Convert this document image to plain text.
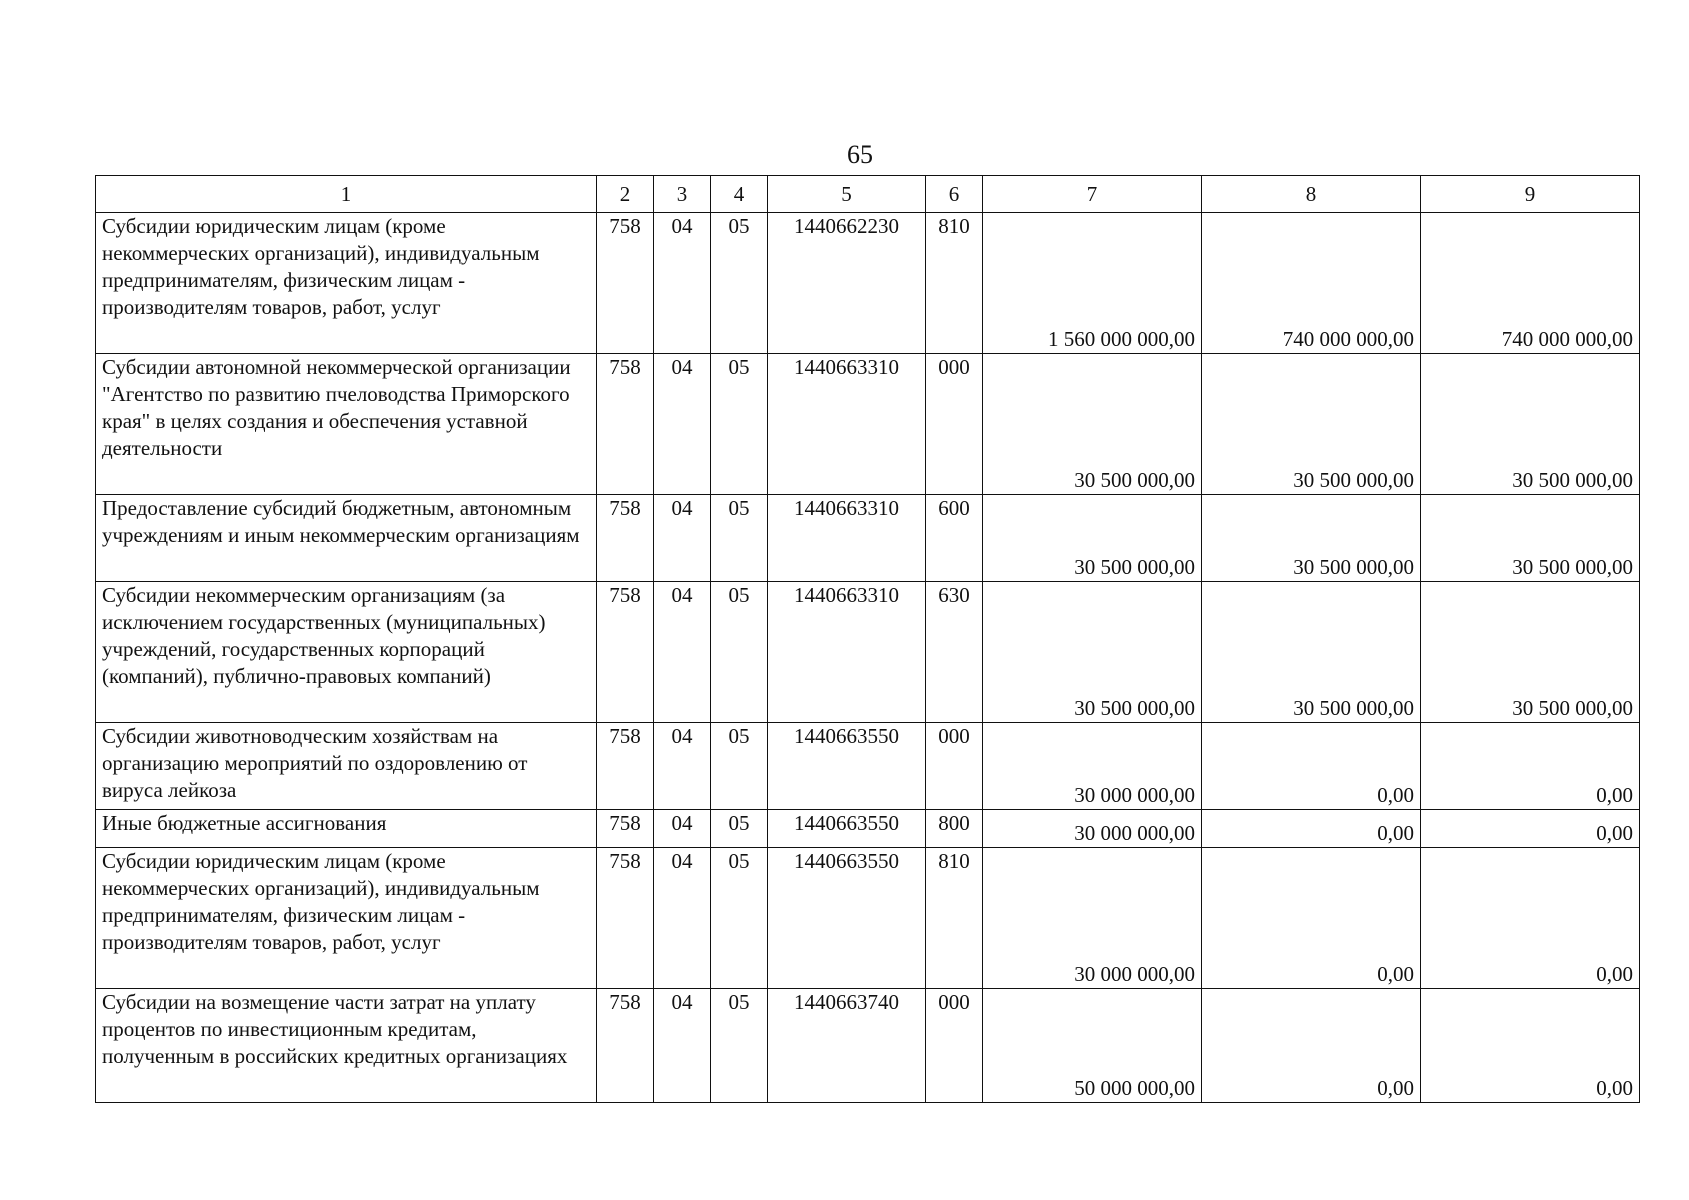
65
1	2	3	4	5	6	7	8	9
Субсидии юридическим лицам (кроме некоммерческих организаций), индивидуальным предпринимателям, физическим лицам - производителям товаров, работ, услуг	758	04	05	1440662230	810	1 560 000 000,00	740 000 000,00	740 000 000,00
Субсидии автономной некоммерческой организации "Агентство по развитию пчеловодства Приморского края" в целях создания и обеспечения уставной деятельности	758	04	05	1440663310	000	30 500 000,00	30 500 000,00	30 500 000,00
Предоставление субсидий бюджетным, автономным учреждениям и иным некоммерческим организациям	758	04	05	1440663310	600	30 500 000,00	30 500 000,00	30 500 000,00
Субсидии некоммерческим организациям (за исключением государственных (муниципальных) учреждений, государственных корпораций (компаний), публично-правовых компаний)	758	04	05	1440663310	630	30 500 000,00	30 500 000,00	30 500 000,00
Субсидии животноводческим хозяйствам на организацию мероприятий по оздоровлению от вируса лейкоза	758	04	05	1440663550	000	30 000 000,00	0,00	0,00
Иные бюджетные ассигнования	758	04	05	1440663550	800	30 000 000,00	0,00	0,00
Субсидии юридическим лицам (кроме некоммерческих организаций), индивидуальным предпринимателям, физическим лицам - производителям товаров, работ, услуг	758	04	05	1440663550	810	30 000 000,00	0,00	0,00
Субсидии на возмещение части затрат на уплату процентов по инвестиционным кредитам, полученным в российских кредитных организациях	758	04	05	1440663740	000	50 000 000,00	0,00	0,00
